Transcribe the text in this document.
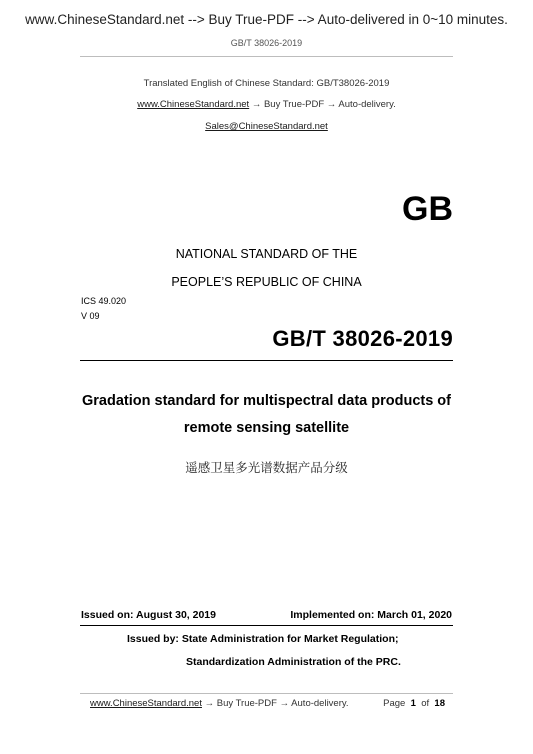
www.ChineseStandard.net --> Buy True-PDF --> Auto-delivered in 0~10 minutes.
GB/T 38026-2019
Translated English of Chinese Standard: GB/T38026-2019
www.ChineseStandard.net → Buy True-PDF → Auto-delivery.
Sales@ChineseStandard.net
GB
NATIONAL STANDARD OF THE
PEOPLE’S REPUBLIC OF CHINA
ICS 49.020
V 09
GB/T 38026-2019
Gradation standard for multispectral data products of
remote sensing satellite
遥感卫星多光谱数据产品分级
Issued on: August 30, 2019	Implemented on: March 01, 2020
Issued by: State Administration for Market Regulation;
Standardization Administration of the PRC.
www.ChineseStandard.net → Buy True-PDF → Auto-delivery.	Page 1 of 18
